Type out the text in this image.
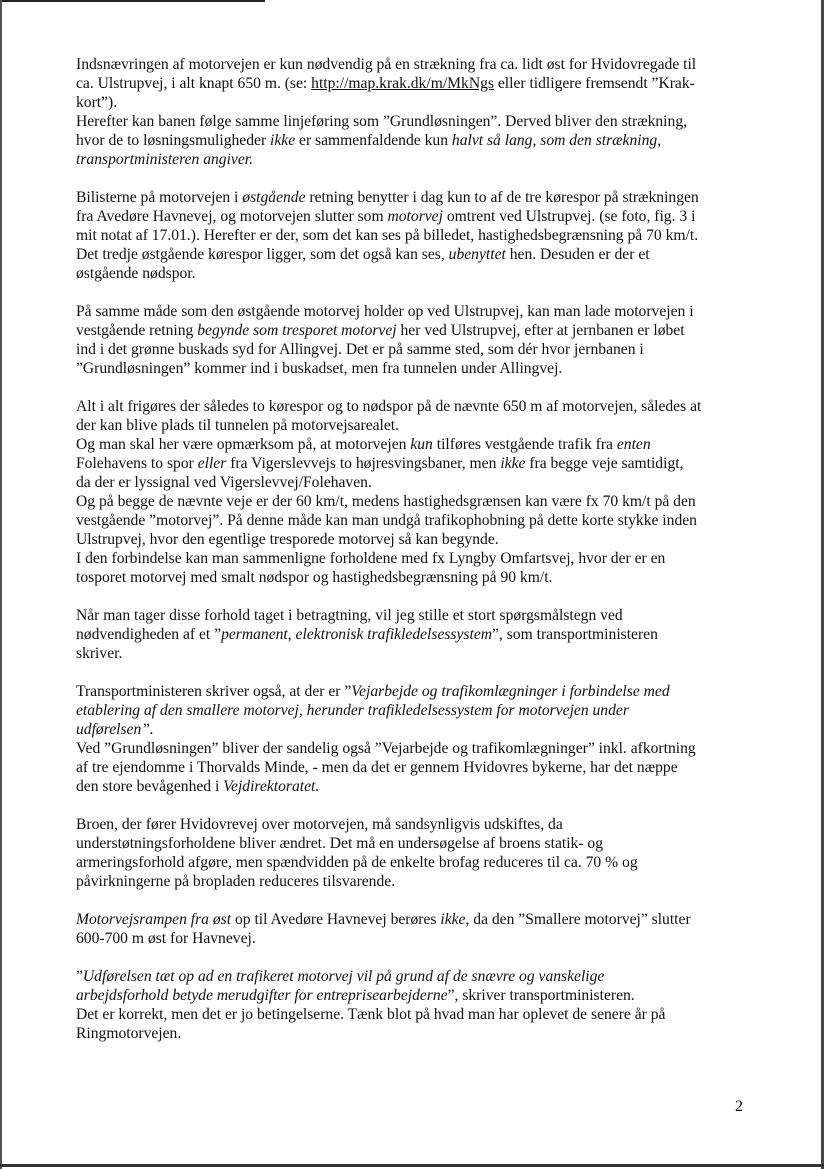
Indsnævringen af motorvejen er kun nødvendig på en strækning fra ca. lidt øst for Hvidovregade til
ca. Ulstrupvej, i alt knapt 650 m. (se: http://map.krak.dk/m/MkNgs eller tidligere fremsendt ”Krak-
kort”).
Herefter kan banen følge samme linjeføring som ”Grundløsningen”. Derved bliver den strækning,
hvor de to løsningsmuligheder ikke er sammenfaldende kun halvt så lang, som den strækning,
transportministeren angiver.
Bilisterne på motorvejen i østgående retning benytter i dag kun to af de tre kørespor på strækningen
fra Avedøre Havnevej, og motorvejen slutter som motorvej omtrent ved Ulstrupvej. (se foto, fig. 3 i
mit notat af 17.01.). Herefter er der, som det kan ses på billedet, hastighedsbegrænsning på 70 km/t.
Det tredje østgående kørespor ligger, som det også kan ses, ubenyttet hen. Desuden er der et
østgående nødspor.
På samme måde som den østgående motorvej holder op ved Ulstrupvej, kan man lade motorvejen i
vestgående retning begynde som tresporet motorvej her ved Ulstrupvej, efter at jernbanen er løbet
ind i det grønne buskads syd for Allingvej. Det er på samme sted, som dér hvor jernbanen i
”Grundløsningen” kommer ind i buskadset, men fra tunnelen under Allingvej.
Alt i alt frigøres der således to kørespor og to nødspor på de nævnte 650 m af motorvejen, således at
der kan blive plads til tunnelen på motorvejsarealet.
Og man skal her være opmærksom på, at motorvejen kun tilføres vestgående trafik fra enten
Folehavens to spor eller fra Vigerslevvejs to højresvingsbaner, men ikke fra begge veje samtidigt,
da der er lyssignal ved Vigerslevvej/Folehaven.
Og på begge de nævnte veje er der 60 km/t, medens hastighedsgrænsen kan være fx 70 km/t på den
vestgående ”motorvej”. På denne måde kan man undgå trafikophobning på dette korte stykke inden
Ulstrupvej, hvor den egentlige tresporede motorvej så kan begynde.
I den forbindelse kan man sammenligne forholdene med fx Lyngby Omfartsvej, hvor der er en
tosporet motorvej med smalt nødspor og hastighedsbegrænsning på 90 km/t.
Når man tager disse forhold taget i betragtning, vil jeg stille et stort spørgsmålstegn ved
nødvendigheden af et ”permanent, elektronisk trafikledelsessystem”, som transportministeren
skriver.
Transportministeren skriver også, at der er ”Vejarbejde og trafikomlægninger i forbindelse med
etablering af den smallere motorvej, herunder trafikledelsessystem for motorvejen under
udførelsen”.
Ved ”Grundløsningen” bliver der sandelig også ”Vejarbejde og trafikomlægninger” inkl. afkortning
af tre ejendomme i Thorvalds Minde, - men da det er gennem Hvidovres bykerne, har det næppe
den store bevågenhed i Vejdirektoratet.
Broen, der fører Hvidovrevej over motorvejen, må sandsynligvis udskiftes, da
understøtningsforholdene bliver ændret. Det må en undersøgelse af broens statik- og
armeringsforhold afgøre, men spændvidden på de enkelte brofag reduceres til ca. 70 % og
påvirkningerne på bropladen reduceres tilsvarende.
Motorvejsrampen fra øst op til Avedøre Havnevej berøres ikke, da den ”Smallere motorvej” slutter
600-700 m øst for Havnevej.
”Udførelsen tæt op ad en trafikeret motorvej vil på grund af de snævre og vanskelige
arbejdsforhold betyde merudgifter for entreprisearbejderne”, skriver transportministeren.
Det er korrekt, men det er jo betingelserne. Tænk blot på hvad man har oplevet de senere år på
Ringmotorvejen.
2
